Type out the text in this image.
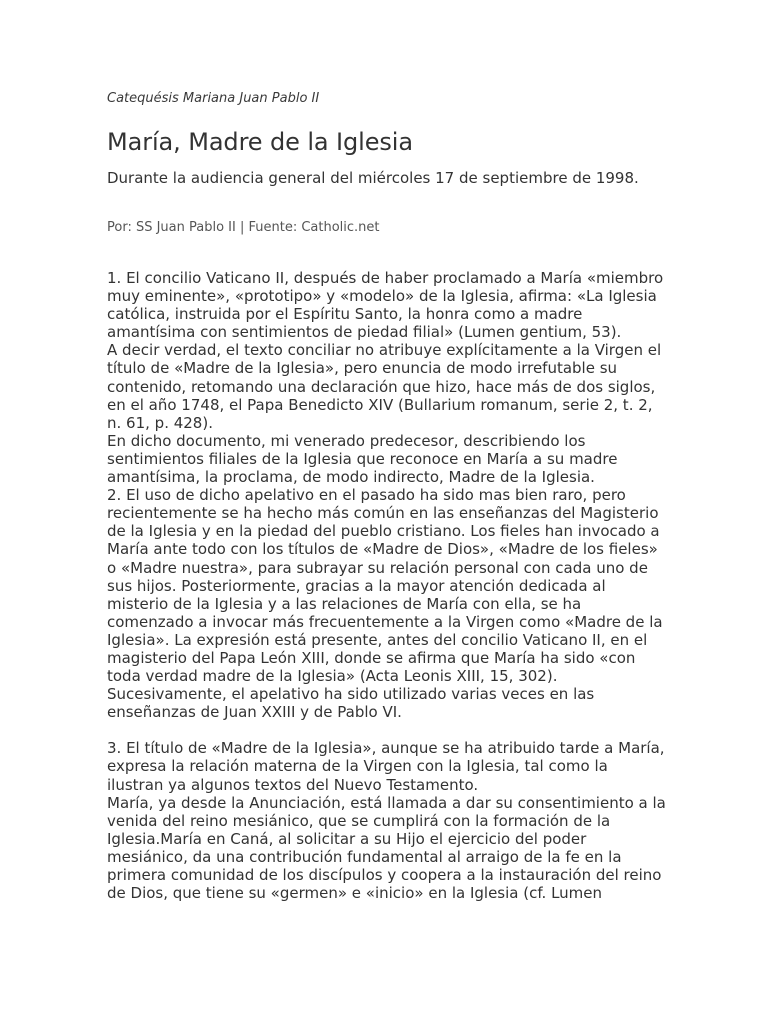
Catequésis Mariana Juan Pablo II

María, Madre de la Iglesia

Durante la audiencia general del miércoles 17 de septiembre de 1998.

Por: SS Juan Pablo II | Fuente: Catholic.net

1. El concilio Vaticano II, después de haber proclamado a María «miembro muy eminente», «prototipo» y «modelo» de la Iglesia, afirma: «La Iglesia católica, instruida por el Espíritu Santo, la honra como a madre amantísima con sentimientos de piedad filial» (Lumen gentium, 53).

A decir verdad, el texto conciliar no atribuye explícitamente a la Virgen el título de «Madre de la Iglesia», pero enuncia de modo irrefutable su contenido, retomando una declaración que hizo, hace más de dos siglos, en el año 1748, el Papa Benedicto XIV (Bullarium romanum, serie 2, t. 2, n. 61, p. 428).

En dicho documento, mi venerado predecesor, describiendo los sentimientos filiales de la Iglesia que reconoce en María a su madre amantísima, la proclama, de modo indirecto, Madre de la Iglesia.

2. El uso de dicho apelativo en el pasado ha sido mas bien raro, pero recientemente se ha hecho más común en las enseñanzas del Magisterio de la Iglesia y en la piedad del pueblo cristiano. Los fieles han invocado a María ante todo con los títulos de «Madre de Dios», «Madre de los fieles» o «Madre nuestra», para subrayar su relación personal con cada uno de sus hijos. Posteriormente, gracias a la mayor atención dedicada al misterio de la Iglesia y a las relaciones de María con ella, se ha comenzado a invocar más frecuentemente a la Virgen como «Madre de la Iglesia». La expresión está presente, antes del concilio Vaticano II, en el magisterio del Papa León XIII, donde se afirma que María ha sido «con toda verdad madre de la Iglesia» (Acta Leonis XIII, 15, 302).

Sucesivamente, el apelativo ha sido utilizado varias veces en las enseñanzas de Juan XXIII y de Pablo VI.

3. El título de «Madre de la Iglesia», aunque se ha atribuido tarde a María, expresa la relación materna de la Virgen con la Iglesia, tal como la ilustran ya algunos textos del Nuevo Testamento.

María, ya desde la Anunciación, está llamada a dar su consentimiento a la venida del reino mesiánico, que se cumplirá con la formación de la Iglesia.María en Caná, al solicitar a su Hijo el ejercicio del poder mesiánico, da una contribución fundamental al arraigo de la fe en la primera comunidad de los discípulos y coopera a la instauración del reino de Dios, que tiene su «germen» e «inicio» en la Iglesia (cf. Lumen
